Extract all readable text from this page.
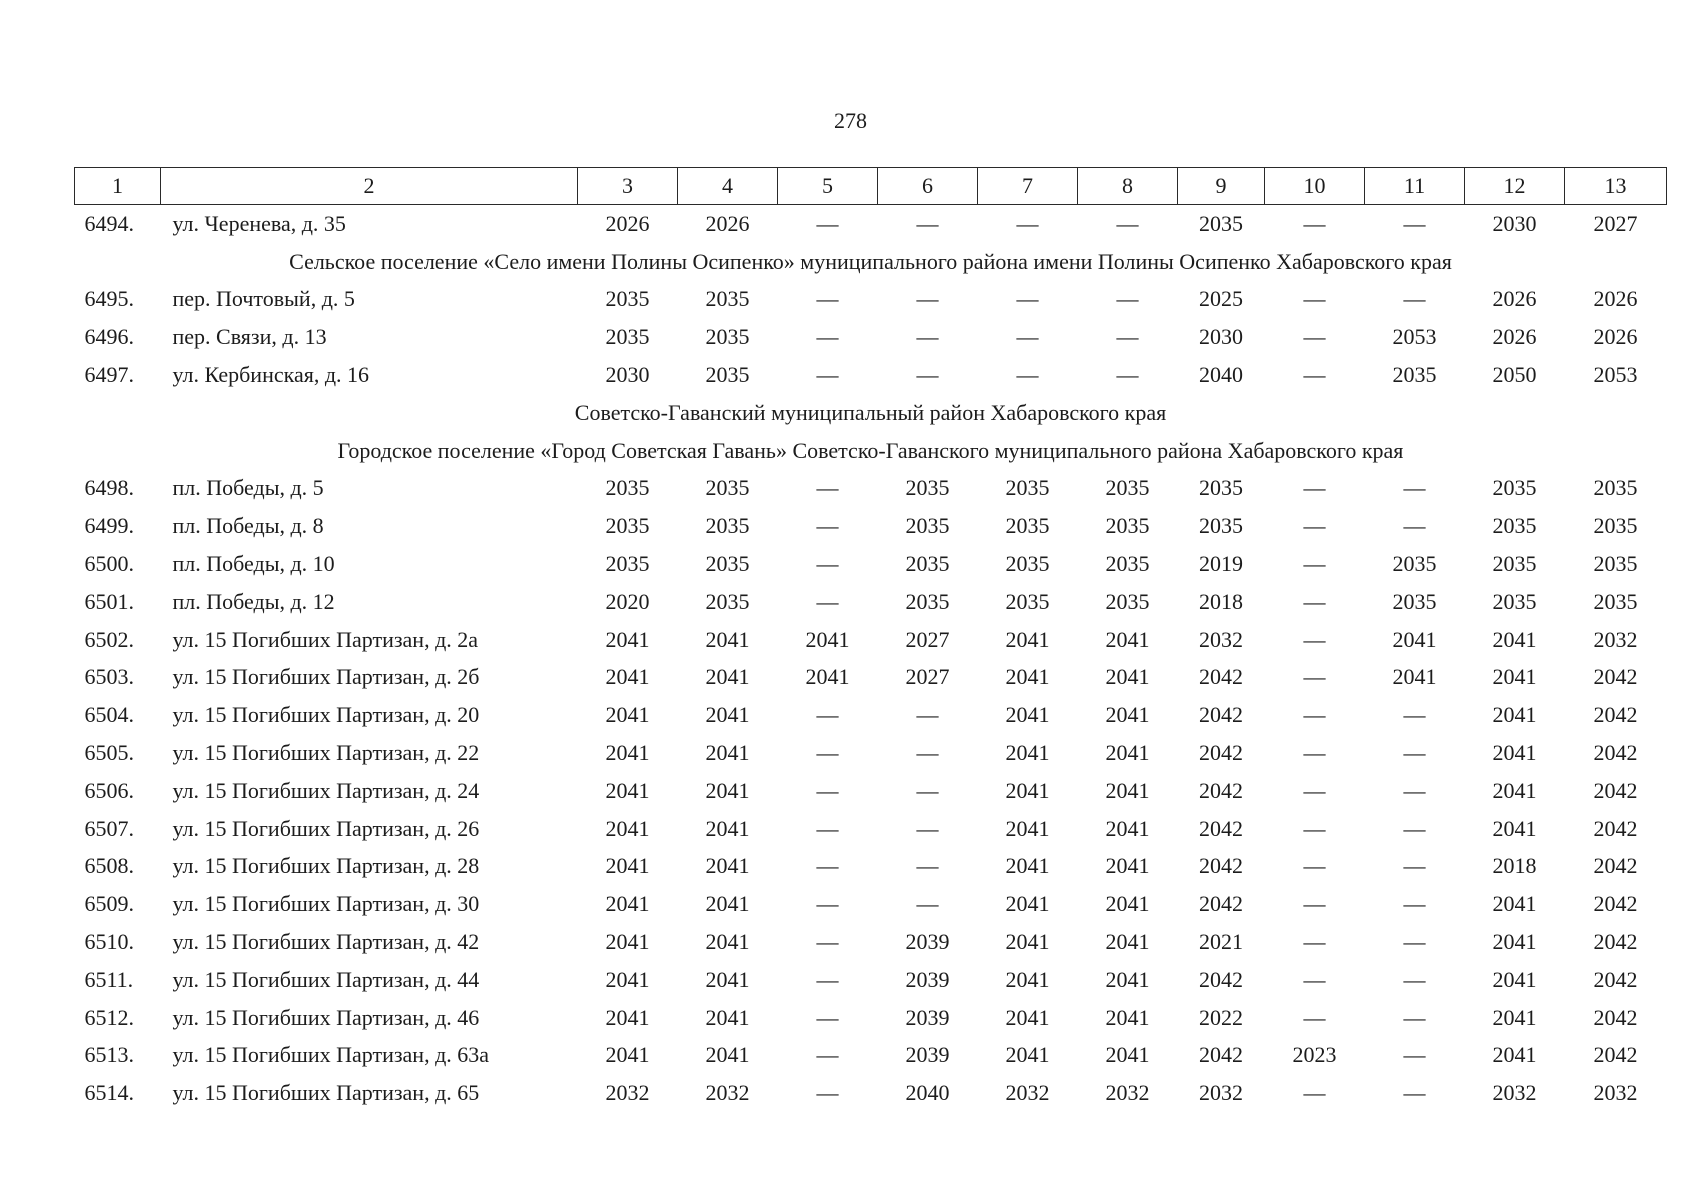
278
1	2	3	4	5	6	7	8	9	10	11	12	13
6494.	ул. Черенева, д. 35	2026	2026	—	—	—	—	2035	—	—	2030	2027
Сельское поселение «Село имени Полины Осипенко» муниципального района имени Полины Осипенко Хабаровского края												
6495.	пер. Почтовый, д. 5	2035	2035	—	—	—	—	2025	—	—	2026	2026
6496.	пер. Связи, д. 13	2035	2035	—	—	—	—	2030	—	2053	2026	2026
6497.	ул. Кербинская, д. 16	2030	2035	—	—	—	—	2040	—	2035	2050	2053
Советско-Гаванский муниципальный район Хабаровского края												
Городское поселение «Город Советская Гавань» Советско-Гаванского муниципального района Хабаровского края												
6498.	пл. Победы, д. 5	2035	2035	—	2035	2035	2035	2035	—	—	2035	2035
6499.	пл. Победы, д. 8	2035	2035	—	2035	2035	2035	2035	—	—	2035	2035
6500.	пл. Победы, д. 10	2035	2035	—	2035	2035	2035	2019	—	2035	2035	2035
6501.	пл. Победы, д. 12	2020	2035	—	2035	2035	2035	2018	—	2035	2035	2035
6502.	ул. 15 Погибших Партизан, д. 2а	2041	2041	2041	2027	2041	2041	2032	—	2041	2041	2032
6503.	ул. 15 Погибших Партизан, д. 2б	2041	2041	2041	2027	2041	2041	2042	—	2041	2041	2042
6504.	ул. 15 Погибших Партизан, д. 20	2041	2041	—	—	2041	2041	2042	—	—	2041	2042
6505.	ул. 15 Погибших Партизан, д. 22	2041	2041	—	—	2041	2041	2042	—	—	2041	2042
6506.	ул. 15 Погибших Партизан, д. 24	2041	2041	—	—	2041	2041	2042	—	—	2041	2042
6507.	ул. 15 Погибших Партизан, д. 26	2041	2041	—	—	2041	2041	2042	—	—	2041	2042
6508.	ул. 15 Погибших Партизан, д. 28	2041	2041	—	—	2041	2041	2042	—	—	2018	2042
6509.	ул. 15 Погибших Партизан, д. 30	2041	2041	—	—	2041	2041	2042	—	—	2041	2042
6510.	ул. 15 Погибших Партизан, д. 42	2041	2041	—	2039	2041	2041	2021	—	—	2041	2042
6511.	ул. 15 Погибших Партизан, д. 44	2041	2041	—	2039	2041	2041	2042	—	—	2041	2042
6512.	ул. 15 Погибших Партизан, д. 46	2041	2041	—	2039	2041	2041	2022	—	—	2041	2042
6513.	ул. 15 Погибших Партизан, д. 63а	2041	2041	—	2039	2041	2041	2042	2023	—	2041	2042
6514.	ул. 15 Погибших Партизан, д. 65	2032	2032	—	2040	2032	2032	2032	—	—	2032	2032
